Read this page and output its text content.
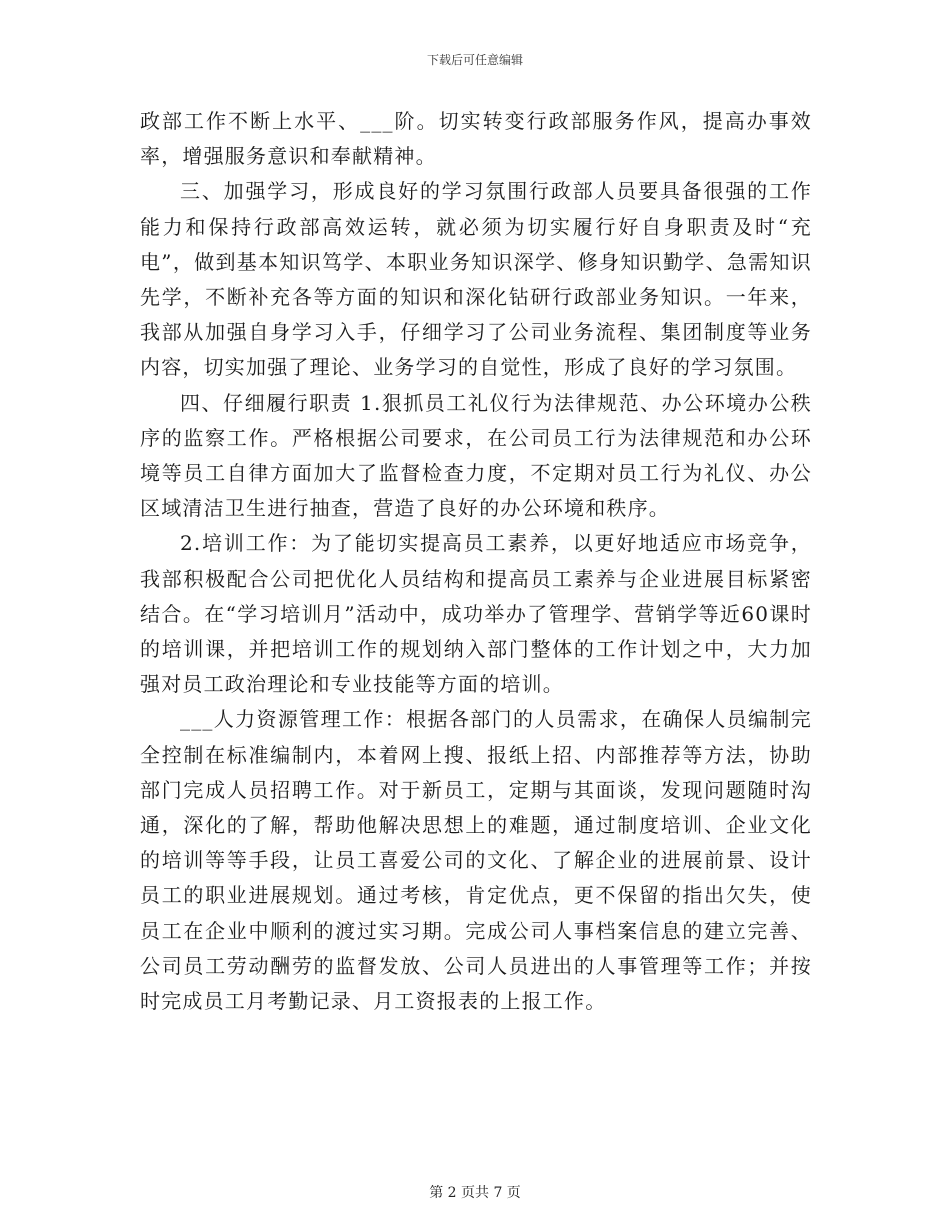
下载后可任意编辑

政部工作不断上水平、___阶。切实转变行政部服务作风，提高办事效率，增强服务意识和奉献精神。

三、加强学习，形成良好的学习氛围行政部人员要具备很强的工作能力和保持行政部高效运转，就必须为切实履行好自身职责及时“充电”，做到基本知识笃学、本职业务知识深学、修身知识勤学、急需知识先学，不断补充各等方面的知识和深化钻研行政部业务知识。一年来，我部从加强自身学习入手，仔细学习了公司业务流程、集团制度等业务内容，切实加强了理论、业务学习的自觉性，形成了良好的学习氛围。

四、仔细履行职责 1.狠抓员工礼仪行为法律规范、办公环境办公秩序的监察工作。严格根据公司要求，在公司员工行为法律规范和办公环境等员工自律方面加大了监督检查力度，不定期对员工行为礼仪、办公区域清洁卫生进行抽查，营造了良好的办公环境和秩序。

2.培训工作：为了能切实提高员工素养，以更好地适应市场竞争，我部积极配合公司把优化人员结构和提高员工素养与企业进展目标紧密结合。在“学习培训月”活动中，成功举办了管理学、营销学等近60课时的培训课，并把培训工作的规划纳入部门整体的工作计划之中，大力加强对员工政治理论和专业技能等方面的培训。

___人力资源管理工作：根据各部门的人员需求，在确保人员编制完全控制在标准编制内，本着网上搜、报纸上招、内部推荐等方法，协助部门完成人员招聘工作。对于新员工，定期与其面谈，发现问题随时沟通，深化的了解，帮助他解决思想上的难题，通过制度培训、企业文化的培训等等手段，让员工喜爱公司的文化、了解企业的进展前景、设计员工的职业进展规划。通过考核，肯定优点，更不保留的指出欠失，使员工在企业中顺利的渡过实习期。完成公司人事档案信息的建立完善、公司员工劳动酬劳的监督发放、公司人员进出的人事管理等工作；并按时完成员工月考勤记录、月工资报表的上报工作。

第 2 页共 7 页
